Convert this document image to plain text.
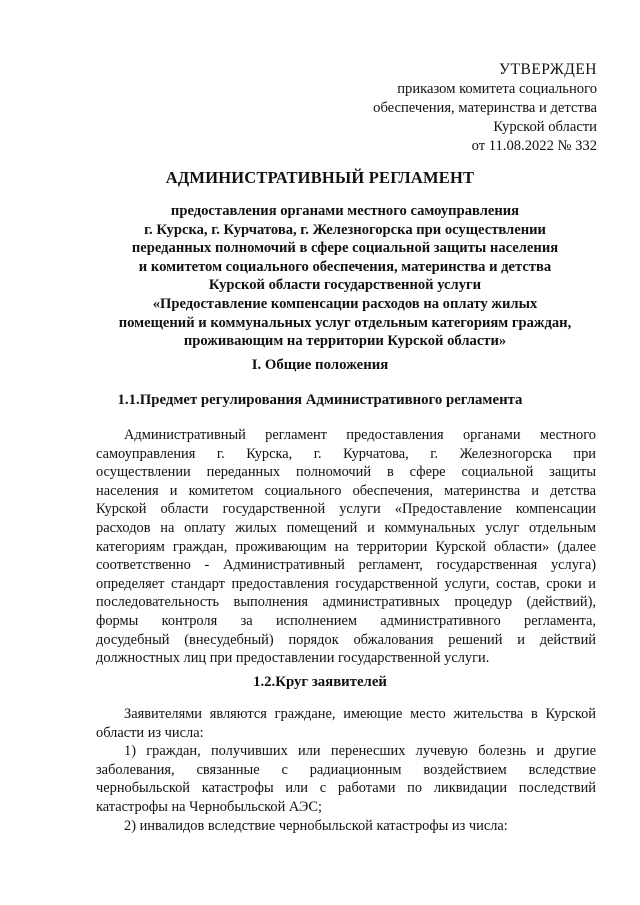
УТВЕРЖДЕН
приказом комитета социального
обеспечения, материнства и детства
Курской области
от 11.08.2022 № 332
АДМИНИСТРАТИВНЫЙ РЕГЛАМЕНТ
предоставления органами местного самоуправления
г. Курска, г. Курчатова, г. Железногорска при осуществлении
переданных полномочий в сфере социальной защиты населения
и комитетом социального обеспечения, материнства и детства
Курской области государственной услуги
«Предоставление компенсации расходов на оплату жилых
помещений и коммунальных услуг отдельным категориям граждан,
проживающим на территории Курской области»
I. Общие положения
1.1.Предмет регулирования Административного регламента
Административный регламент предоставления органами местного
самоуправления г. Курска, г. Курчатова, г. Железногорска при
осуществлении переданных полномочий в сфере социальной защиты
населения и комитетом социального обеспечения, материнства и детства
Курской области государственной услуги «Предоставление компенсации
расходов на оплату жилых помещений и коммунальных услуг отдельным
категориям граждан, проживающим на территории Курской области» (далее
соответственно - Административный регламент, государственная услуга)
определяет стандарт предоставления государственной услуги, состав, сроки и
последовательность выполнения административных процедур (действий),
формы контроля за исполнением административного регламента,
досудебный (внесудебный) порядок обжалования решений и действий
должностных лиц при предоставлении государственной услуги.
1.2.Круг заявителей
Заявителями являются граждане, имеющие место жительства в Курской
области из числа:
1) граждан, получивших или перенесших лучевую болезнь и другие
заболевания, связанные с радиационным воздействием вследствие
чернобыльской катастрофы или с работами по ликвидации последствий
катастрофы на Чернобыльской АЭС;
2) инвалидов вследствие чернобыльской катастрофы из числа:
